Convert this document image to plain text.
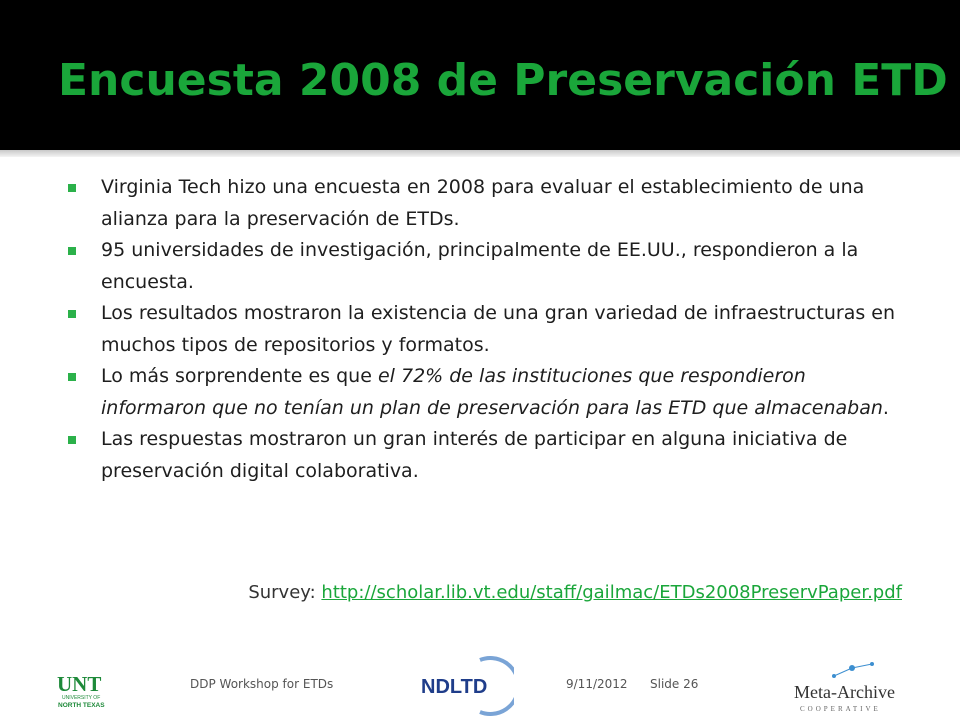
Encuesta 2008 de Preservación ETD
Virginia Tech hizo una encuesta en 2008 para evaluar el establecimiento de una alianza para la preservación de ETDs.
95 universidades de investigación, principalmente de EE.UU., respondieron a la encuesta.
Los resultados mostraron la existencia de una gran variedad de infraestructuras en muchos tipos de repositorios y formatos.
Lo más sorprendente es que el 72% de las instituciones que respondieron informaron que no tenían un plan de preservación para las ETD que almacenaban.
Las respuestas mostraron un gran interés de participar en alguna iniciativa de preservación digital colaborativa.
Survey: http://scholar.lib.vt.edu/staff/gailmac/ETDs2008PreservPaper.pdf
UNT
UNIVERSITY OF
NORTH TEXAS
DDP Workshop for ETDs	NDLTD	9/11/2012 Slide 26	Meta-Archive
COOPERATIVE
